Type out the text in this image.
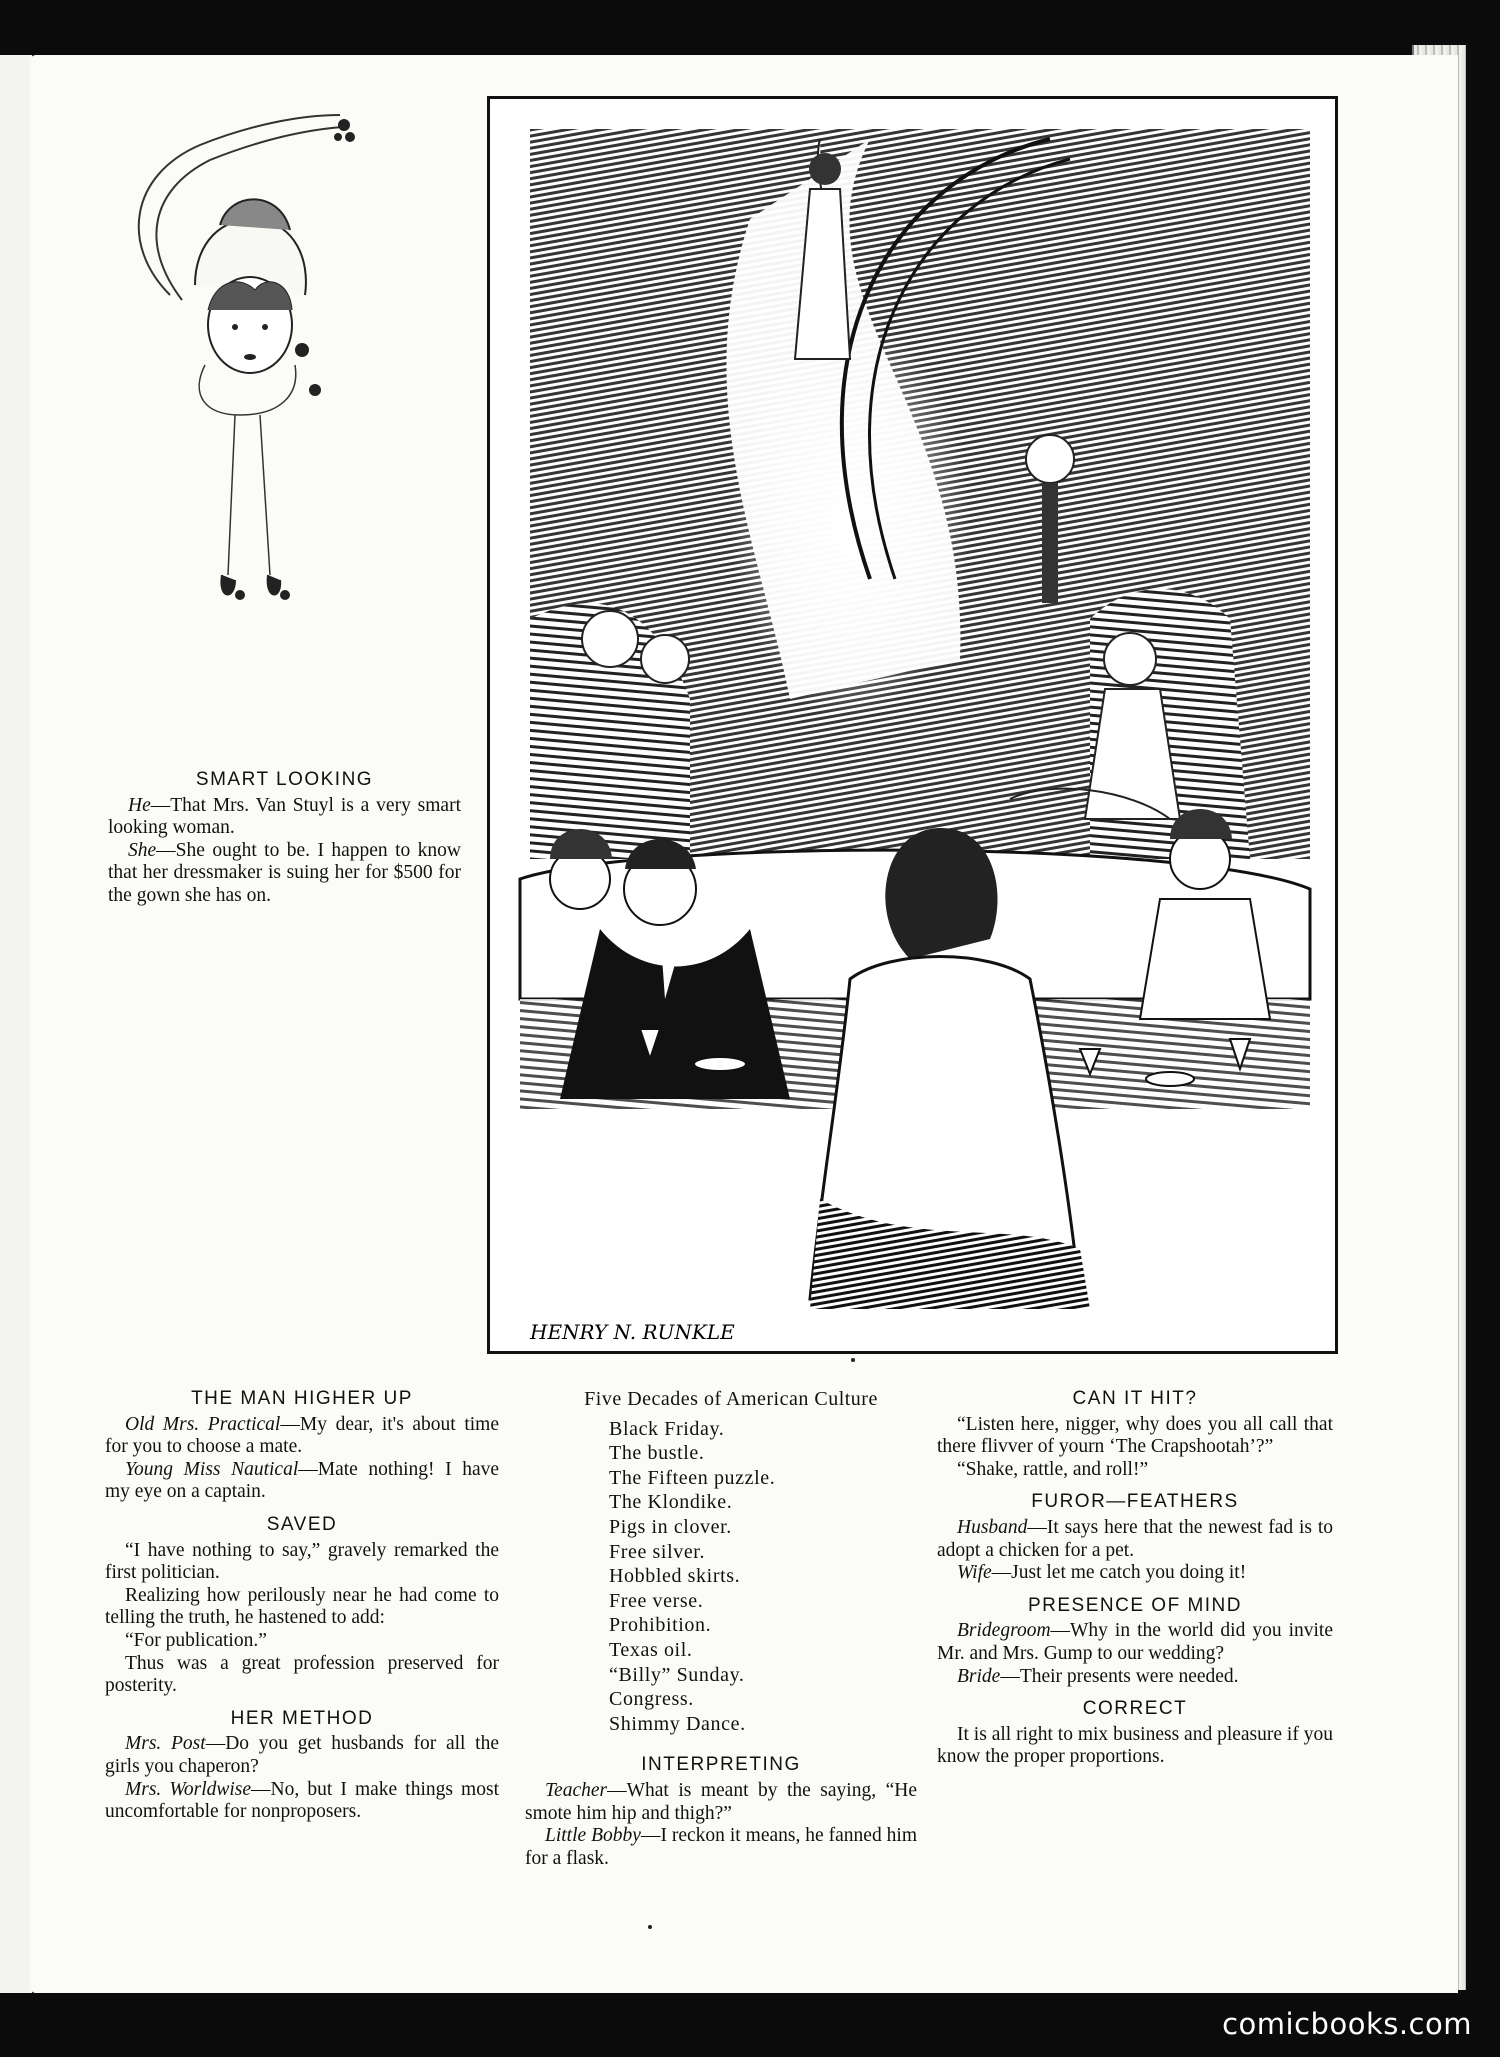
HENRY N. RUNKLE

SMART LOOKING

He—That Mrs. Van Stuyl is a very smart looking woman.

She—She ought to be. I happen to know that her dressmaker is suing her for $500 for the gown she has on.

THE MAN HIGHER UP

Old Mrs. Practical—My dear, it's about time for you to choose a mate.

Young Miss Nautical—Mate nothing! I have my eye on a captain.

SAVED

“I have nothing to say,” gravely remarked the first politician.

Realizing how perilously near he had come to telling the truth, he hastened to add:

“For publication.”

Thus was a great profession preserved for posterity.

HER METHOD

Mrs. Post—Do you get husbands for all the girls you chaperon?

Mrs. Worldwise—No, but I make things most uncomfortable for nonproposers.

Five Decades of American Culture

Black Friday.
The bustle.
The Fifteen puzzle.
The Klondike.
Pigs in clover.
Free silver.
Hobbled skirts.
Free verse.
Prohibition.
Texas oil.
“Billy” Sunday.
Congress.
Shimmy Dance.

INTERPRETING

Teacher—What is meant by the saying, “He smote him hip and thigh?”

Little Bobby—I reckon it means, he fanned him for a flask.

CAN IT HIT?

“Listen here, nigger, why does you all call that there flivver of yourn ‘The Crapshootah’?”

“Shake, rattle, and roll!”

FUROR—FEATHERS

Husband—It says here that the newest fad is to adopt a chicken for a pet.

Wife—Just let me catch you doing it!

PRESENCE OF MIND

Bridegroom—Why in the world did you invite Mr. and Mrs. Gump to our wedding?

Bride—Their presents were needed.

CORRECT

It is all right to mix business and pleasure if you know the proper proportions.

comicbooks.com
